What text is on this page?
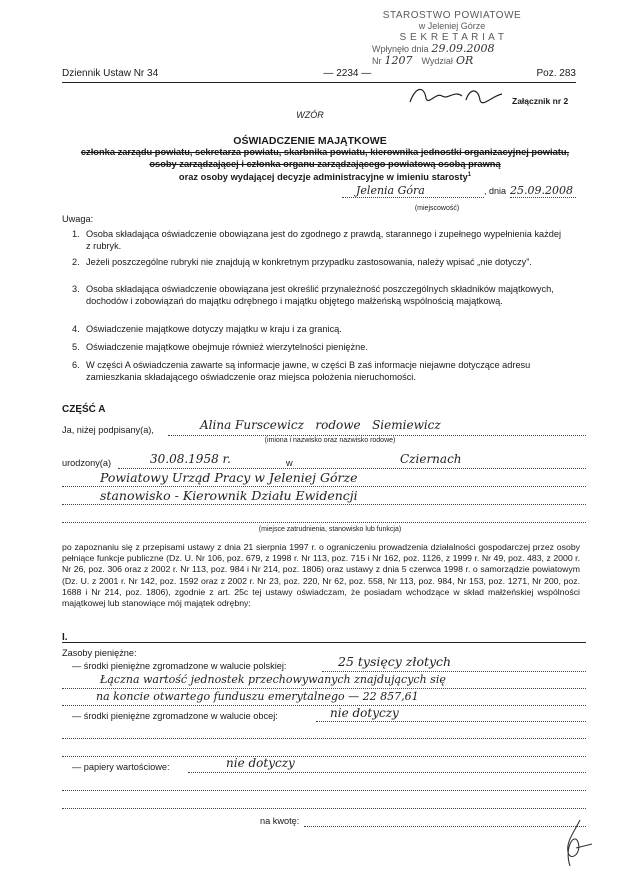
STAROSTWO POWIATOWE
w Jeleniej Górze
S E K R E T A R I A T
Wpłynęło dnia 29.09.2008
Nr 1207 Wydział OR
Dziennik Ustaw Nr 34	— 2234 —	Poz. 283
Załącznik nr 2
WZÓR
OŚWIADCZENIE MAJĄTKOWE
członka zarządu powiatu, sekretarza powiatu, skarbnika powiatu, kierownika jednostki organizacyjnej powiatu, osoby zarządzającej i członka organu zarządzającego powiatową osobą prawną
oraz osoby wydającej decyzje administracyjne w imieniu starosty$^1$
Jelenia Góra	, dnia 25.09.2008
(miejscowość)
Uwaga:
1. Osoba składająca oświadczenie obowiązana jest do zgodnego z prawdą, starannego i zupełnego wypełnienia każdej z rubryk.
2. Jeżeli poszczególne rubryki nie znajdują w konkretnym przypadku zastosowania, należy wpisać „nie dotyczy”.
3. Osoba składająca oświadczenie obowiązana jest określić przynależność poszczególnych składników majątkowych, dochodów i zobowiązań do majątku odrębnego i majątku objętego małżeńską wspólnością majątkową.
4. Oświadczenie majątkowe dotyczy majątku w kraju i za granicą.
5. Oświadczenie majątkowe obejmuje również wierzytelności pieniężne.
6. W części A oświadczenia zawarte są informacje jawne, w części B zaś informacje niejawne dotyczące adresu zamieszkania składającego oświadczenie oraz miejsca położenia nieruchomości.
CZĘŚĆ A
Ja, niżej podpisany(a),	Alina Furscewicz   rodowe   Siemiewicz
(imiona i nazwisko oraz nazwisko rodowe)
urodzony(a)	30.08.1958 r.	w	Cziernach
Powiatowy Urząd Pracy w Jeleniej Górze
stanowisko - Kierownik Działu Ewidencji
(miejsce zatrudnienia, stanowisko lub funkcja)
po zapoznaniu się z przepisami ustawy z dnia 21 sierpnia 1997 r. o ograniczeniu prowadzenia działalności gospodarczej przez osoby pełniące funkcje publiczne (Dz. U. Nr 106, poz. 679, z 1998 r. Nr 113, poz. 715 i Nr 162, poz. 1126, z 1999 r. Nr 49, poz. 483, z 2000 r. Nr 26, poz. 306 oraz z 2002 r. Nr 113, poz. 984 i Nr 214, poz. 1806) oraz ustawy z dnia 5 czerwca 1998 r. o samorządzie powiatowym (Dz. U. z 2001 r. Nr 142, poz. 1592 oraz z 2002 r. Nr 23, poz. 220, Nr 62, poz. 558, Nr 113, poz. 984, Nr 153, poz. 1271, Nr 200, poz. 1688 i Nr 214, poz. 1806), zgodnie z art. 25c tej ustawy oświadczam, że posiadam wchodzące w skład małżeńskiej wspólności majątkowej lub stanowiące mój majątek odrębny:
I.
Zasoby pieniężne:
— środki pieniężne zgromadzone w walucie polskiej:	25 tysięcy złotych
Łączna wartość jednostek przechowywanych znajdujących się
na koncie otwartego funduszu emerytalnego — 22 857,61
— środki pieniężne zgromadzone w walucie obcej:	nie dotyczy
— papiery wartościowe:	nie dotyczy
na kwotę:
